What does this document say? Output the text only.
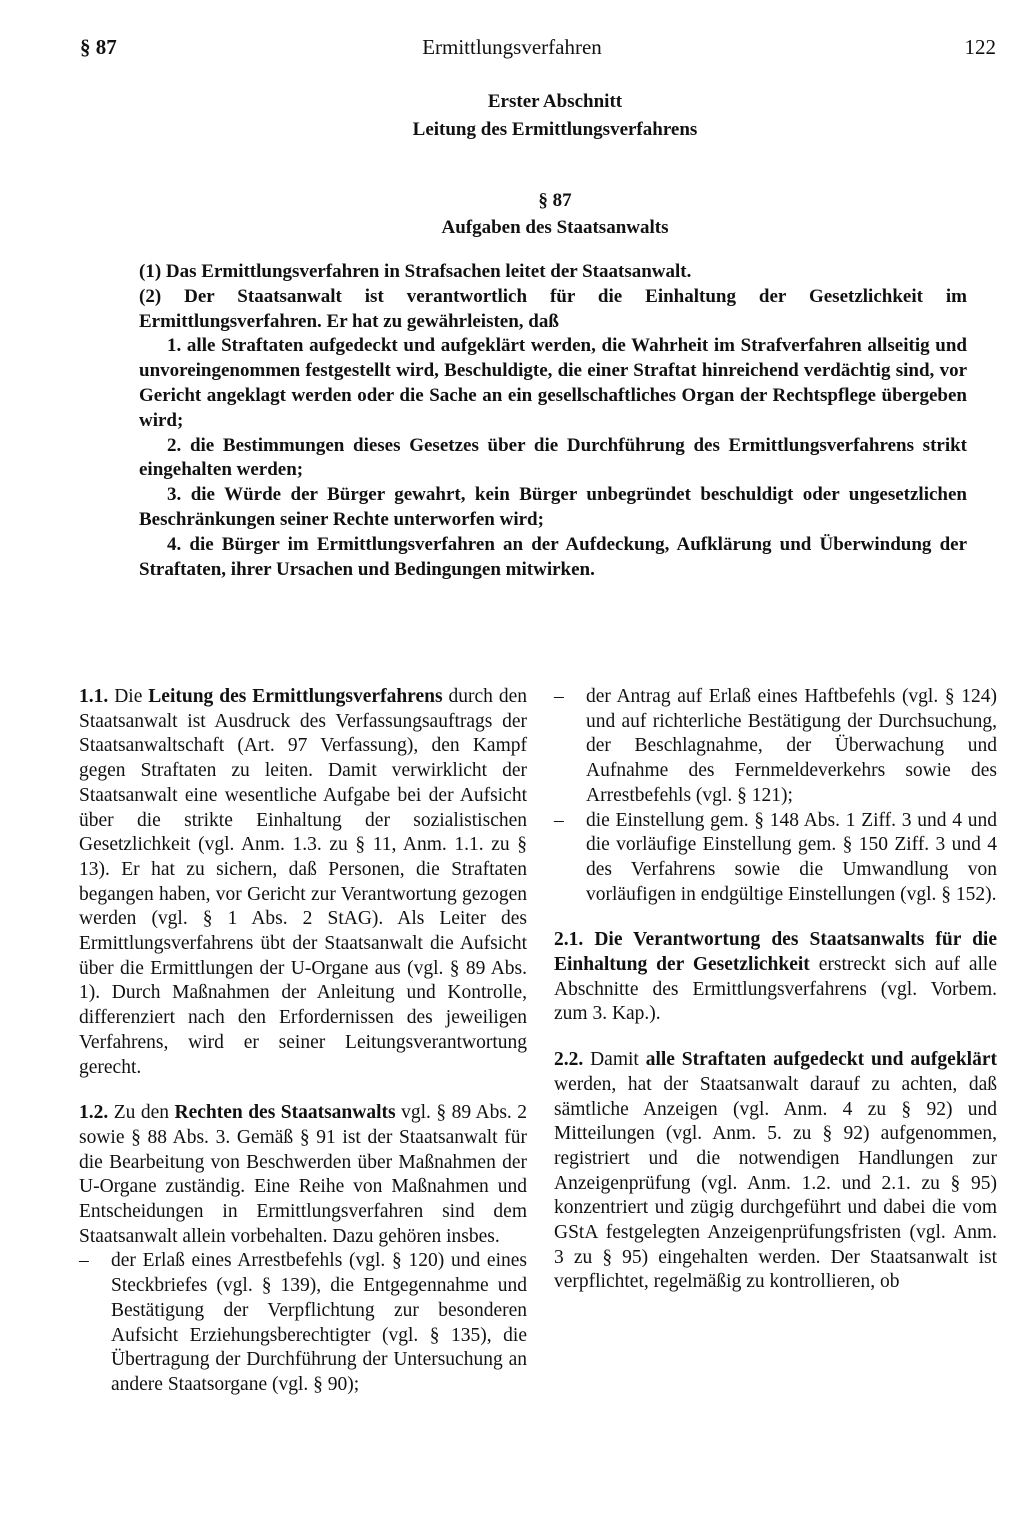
§ 87	Ermittlungsverfahren	122
Erster Abschnitt
Leitung des Ermittlungsverfahrens
§ 87
Aufgaben des Staatsanwalts

(1) Das Ermittlungsverfahren in Strafsachen leitet der Staatsanwalt.

(2) Der Staatsanwalt ist verantwortlich für die Einhaltung der Gesetzlichkeit im Ermittlungsverfahren. Er hat zu gewährleisten, daß

1. alle Straftaten aufgedeckt und aufgeklärt werden, die Wahrheit im Strafverfahren allseitig und unvoreingenommen festgestellt wird, Beschuldigte, die einer Straftat hinreichend verdächtig sind, vor Gericht angeklagt werden oder die Sache an ein gesellschaftliches Organ der Rechtspflege übergeben wird;

2. die Bestimmungen dieses Gesetzes über die Durchführung des Ermittlungsverfahrens strikt eingehalten werden;

3. die Würde der Bürger gewahrt, kein Bürger unbegründet beschuldigt oder ungesetzlichen Beschränkungen seiner Rechte unterworfen wird;

4. die Bürger im Ermittlungsverfahren an der Aufdeckung, Aufklärung und Überwindung der Straftaten, ihrer Ursachen und Bedingungen mitwirken.

1.1. Die Leitung des Ermittlungsverfahrens durch den Staatsanwalt ist Ausdruck des Verfassungsauftrags der Staatsanwaltschaft (Art. 97 Verfassung), den Kampf gegen Straftaten zu leiten. Damit verwirklicht der Staatsanwalt eine wesentliche Aufgabe bei der Aufsicht über die strikte Einhaltung der sozialistischen Gesetzlichkeit (vgl. Anm. 1.3. zu § 11, Anm. 1.1. zu § 13). Er hat zu sichern, daß Personen, die Straftaten begangen haben, vor Gericht zur Verantwortung gezogen werden (vgl. § 1 Abs. 2 StAG). Als Leiter des Ermittlungsverfahrens übt der Staatsanwalt die Aufsicht über die Ermittlungen der U-Organe aus (vgl. § 89 Abs. 1). Durch Maßnahmen der Anleitung und Kontrolle, differenziert nach den Erfordernissen des jeweiligen Verfahrens, wird er seiner Leitungsverantwortung gerecht.

1.2. Zu den Rechten des Staatsanwalts vgl. § 89 Abs. 2 sowie § 88 Abs. 3. Gemäß § 91 ist der Staatsanwalt für die Bearbeitung von Beschwerden über Maßnahmen der U-Organe zuständig. Eine Reihe von Maßnahmen und Entscheidungen in Ermittlungsverfahren sind dem Staatsanwalt allein vorbehalten. Dazu gehören insbes.

– der Erlaß eines Arrestbefehls (vgl. § 120) und eines Steckbriefes (vgl. § 139), die Entgegennahme und Bestätigung der Verpflichtung zur besonderen Aufsicht Erziehungsberechtigter (vgl. § 135), die Übertragung der Durchführung der Untersuchung an andere Staatsorgane (vgl. § 90);

– der Antrag auf Erlaß eines Haftbefehls (vgl. § 124) und auf richterliche Bestätigung der Durchsuchung, der Beschlagnahme, der Überwachung und Aufnahme des Fernmeldeverkehrs sowie des Arrestbefehls (vgl. § 121);

– die Einstellung gem. § 148 Abs. 1 Ziff. 3 und 4 und die vorläufige Einstellung gem. § 150 Ziff. 3 und 4 des Verfahrens sowie die Umwandlung von vorläufigen in endgültige Einstellungen (vgl. § 152).

2.1. Die Verantwortung des Staatsanwalts für die Einhaltung der Gesetzlichkeit erstreckt sich auf alle Abschnitte des Ermittlungsverfahrens (vgl. Vorbem. zum 3. Kap.).

2.2. Damit alle Straftaten aufgedeckt und aufgeklärt werden, hat der Staatsanwalt darauf zu achten, daß sämtliche Anzeigen (vgl. Anm. 4 zu § 92) und Mitteilungen (vgl. Anm. 5. zu § 92) aufgenommen, registriert und die notwendigen Handlungen zur Anzeigenprüfung (vgl. Anm. 1.2. und 2.1. zu § 95) konzentriert und zügig durchgeführt und dabei die vom GStA festgelegten Anzeigenprüfungsfristen (vgl. Anm. 3 zu § 95) eingehalten werden. Der Staatsanwalt ist verpflichtet, regelmäßig zu kontrollieren, ob
